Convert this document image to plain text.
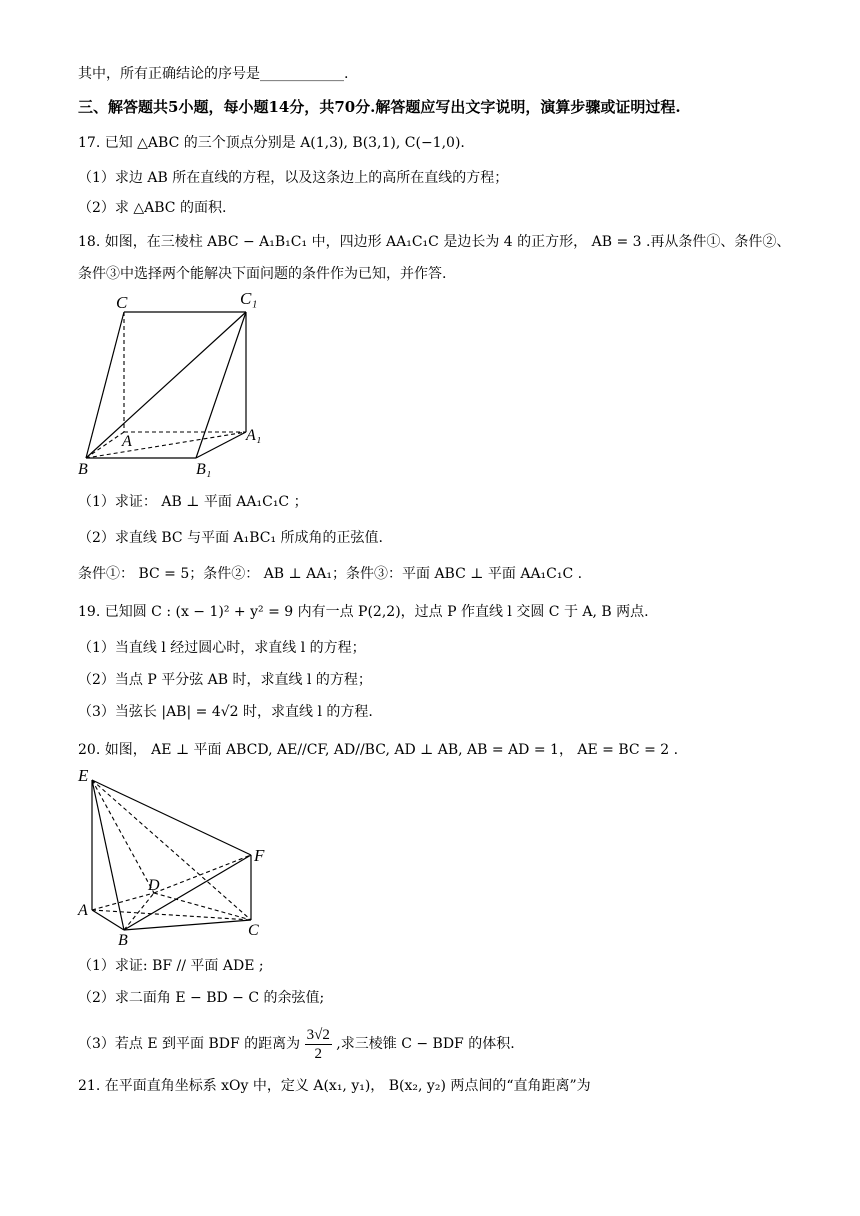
其中，所有正确结论的序号是____________.
三、解答题共5小题，每小题14分，共70分.解答题应写出文字说明，演算步骤或证明过程.
17. 已知 △ABC 的三个顶点分别是 A(1,3), B(3,1), C(−1,0).
（1）求边 AB 所在直线的方程，以及这条边上的高所在直线的方程；
（2）求 △ABC 的面积.
18. 如图，在三棱柱 ABC − A₁B₁C₁ 中，四边形 AA₁C₁C 是边长为 4 的正方形， AB = 3 .再从条件①、条件②、
条件③中选择两个能解决下面问题的条件作为已知，并作答.
C	C₁
A	A₁
B	B₁
（1）求证： AB ⊥ 平面 AA₁C₁C ；
（2）求直线 BC 与平面 A₁BC₁ 所成角的正弦值.
条件①： BC = 5；条件②： AB ⊥ AA₁；条件③：平面 ABC ⊥ 平面 AA₁C₁C .
19. 已知圆 C : (x − 1)² + y² = 9 内有一点 P(2,2)，过点 P 作直线 l 交圆 C 于 A, B 两点.
（1）当直线 l 经过圆心时，求直线 l 的方程；
（2）当点 P 平分弦 AB 时，求直线 l 的方程；
（3）当弦长 |AB| = 4√2 时，求直线 l 的方程.
20. 如图， AE ⊥ 平面 ABCD, AE//CF, AD//BC, AD ⊥ AB, AB = AD = 1， AE = BC = 2 .
E
F
D
A
B
C
（1）求证: BF // 平面 ADE ;
（2）求二面角 E − BD − C 的余弦值;
（3）若点 E 到平面 BDF 的距离为 $\frac{3√2}{2}$ ,求三棱锥 C − BDF 的体积.
21. 在平面直角坐标系 xOy 中，定义 A(x₁, y₁)， B(x₂, y₂) 两点间的“直角距离”为
